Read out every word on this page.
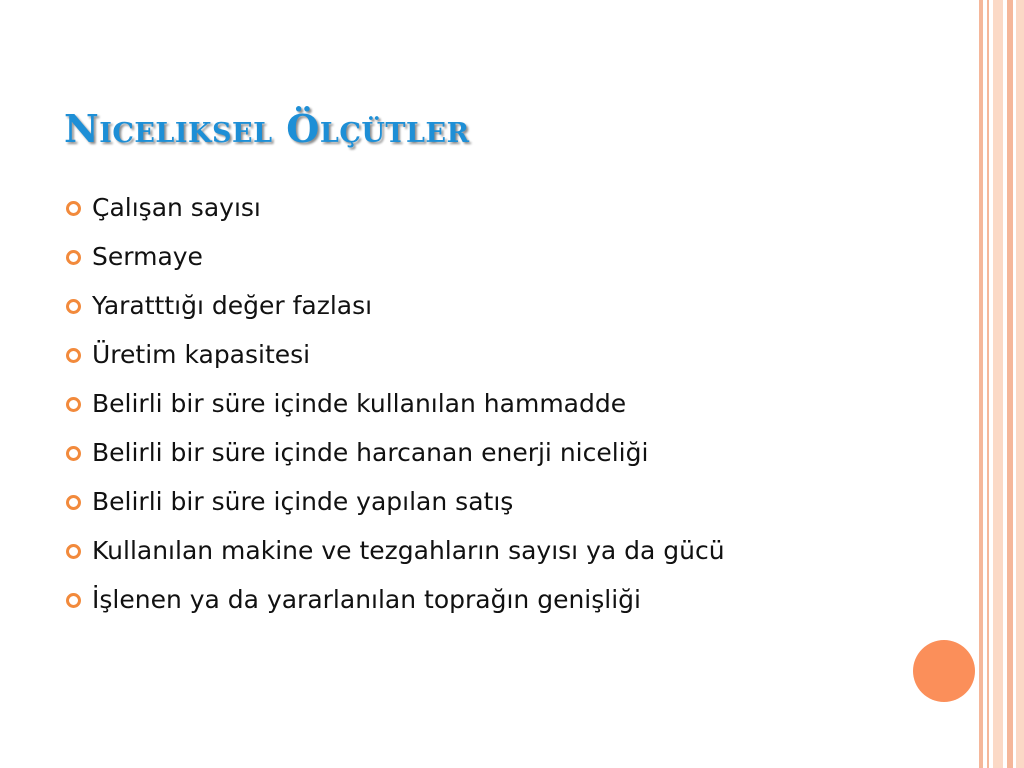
Niceliksel Ölçütler
Çalışan sayısı
Sermaye
Yaratttığı değer fazlası
Üretim kapasitesi
Belirli bir süre içinde kullanılan hammadde
Belirli bir süre içinde harcanan enerji niceliği
Belirli bir süre içinde yapılan satış
Kullanılan makine ve tezgahların sayısı ya da gücü
İşlenen ya da yararlanılan toprağın genişliği
